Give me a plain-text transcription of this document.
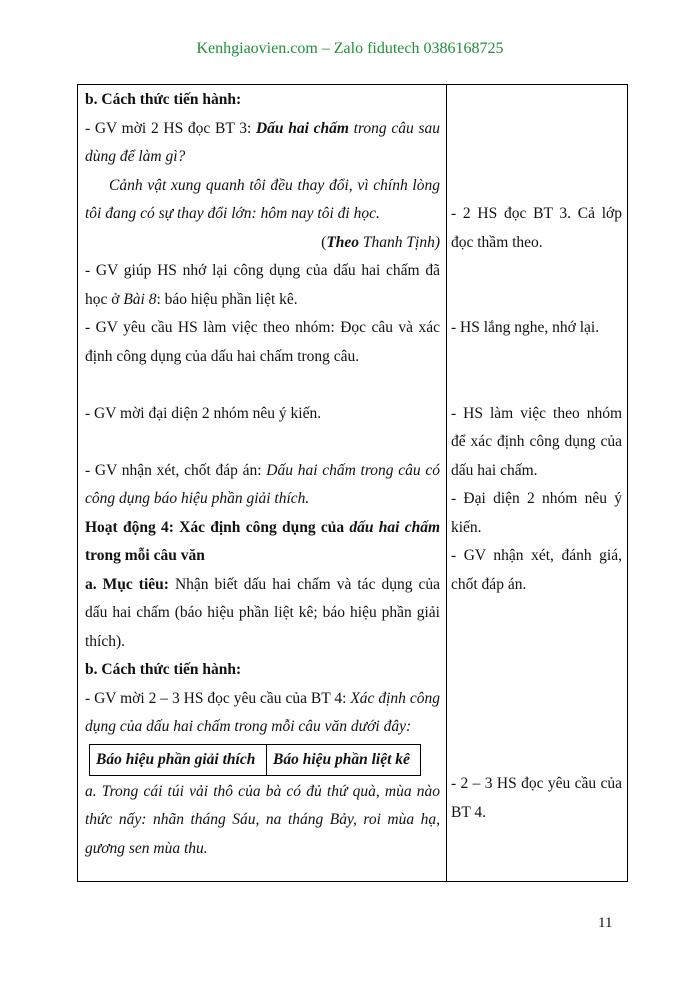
Kenhgiaovien.com – Zalo fidutech 0386168725

b. Cách thức tiến hành:

- GV mời 2 HS đọc BT 3: Dấu hai chấm trong câu sau dùng để làm gì?

Cảnh vật xung quanh tôi đều thay đổi, vì chính lòng tôi đang có sự thay đổi lớn: hôm nay tôi đi học.

(Theo Thanh Tịnh)

- GV giúp HS nhớ lại công dụng của dấu hai chấm đã học ở Bài 8: báo hiệu phần liệt kê.

- GV yêu cầu HS làm việc theo nhóm: Đọc câu và xác định công dụng của dấu hai chấm trong câu.

- GV mời đại diện 2 nhóm nêu ý kiến.

- GV nhận xét, chốt đáp án: Dấu hai chấm trong câu có công dụng báo hiệu phần giải thích.

Hoạt động 4: Xác định công dụng của dấu hai chấm trong mỗi câu văn

a. Mục tiêu: Nhận biết dấu hai chấm và tác dụng của dấu hai chấm (báo hiệu phần liệt kê; báo hiệu phần giải thích).

b. Cách thức tiến hành:

- GV mời 2 – 3 HS đọc yêu cầu của BT 4: Xác định công dụng của dấu hai chấm trong mỗi câu văn dưới đây:

Báo hiệu phần giải thích	Báo hiệu phần liệt kê

a. Trong cái túi vải thô của bà có đủ thứ quà, mùa nào thức nấy: nhãn tháng Sáu, na tháng Bảy, roi mùa hạ, gương sen mùa thu.

- 2 HS đọc BT 3. Cả lớp đọc thầm theo.

- HS lắng nghe, nhớ lại.

- HS làm việc theo nhóm để xác định công dụng của dấu hai chấm.

- Đại diện 2 nhóm nêu ý kiến.

- GV nhận xét, đánh giá, chốt đáp án.

- 2 – 3 HS đọc yêu cầu của BT 4.

11
